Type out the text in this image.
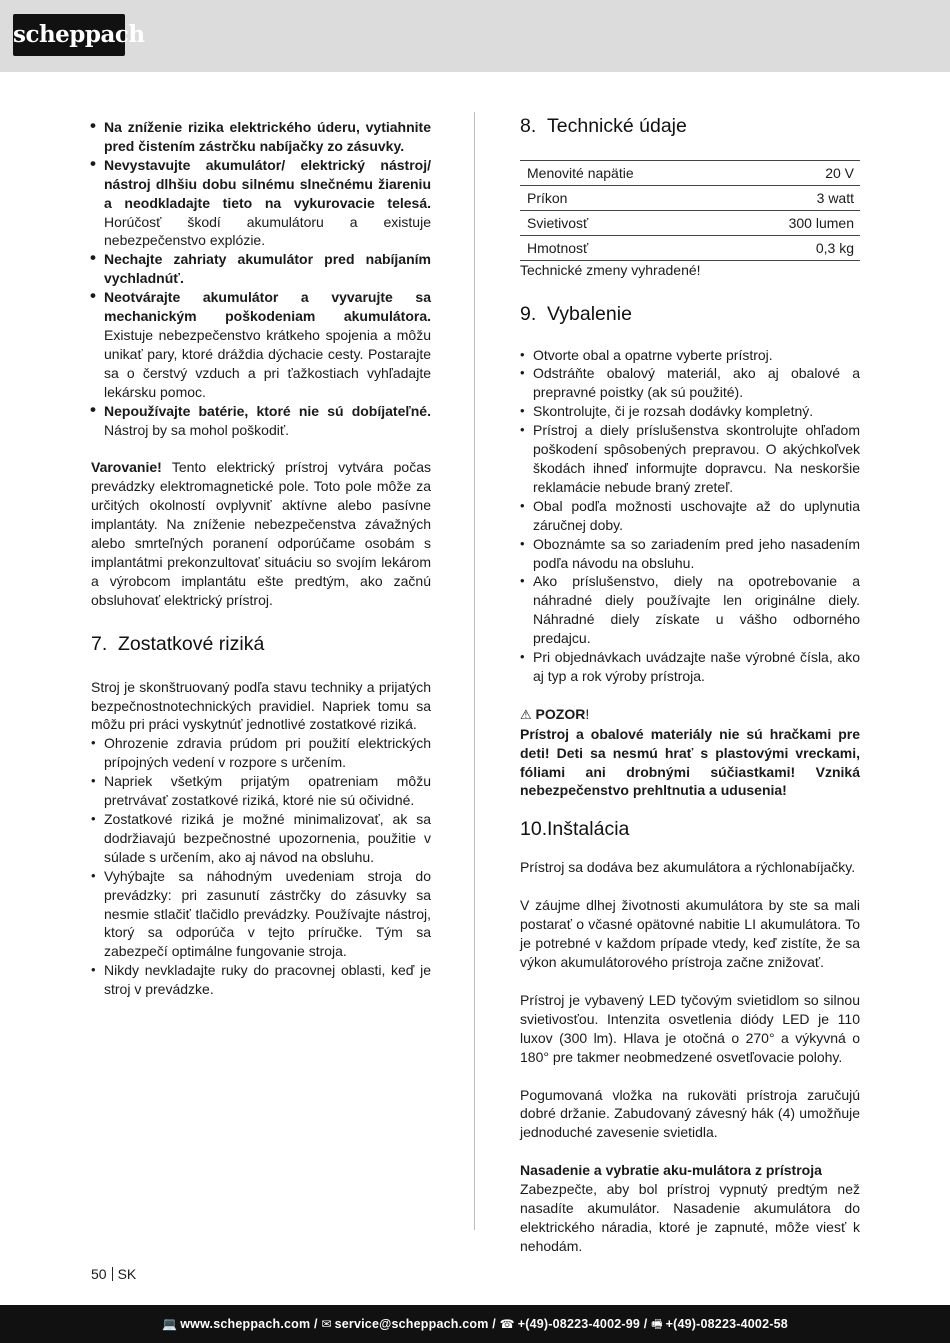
scheppach
• Na zníženie rizika elektrického úderu, vytiahnite pred čistením zástrčku nabíjačky zo zásuvky.
• Nevystavujte akumulátor/ elektrický nástroj/ nástroj dlhšiu dobu silnému slnečnému žiareniu a neodkladajte tieto na vykurovacie telesá. Horúčosť škodí akumulátoru a existuje nebezpečenstvo explózie.
• Nechajte zahriaty akumulátor pred nabíjaním vychladnúť.
• Neotvárajte akumulátor a vyvarujte sa mechanickým poškodeniam akumulátora. Existuje nebezpečenstvo krátkeho spojenia a môžu unikať pary, ktoré dráždia dýchacie cesty. Postarajte sa o čerstvý vzduch a pri ťažkostiach vyhľadajte lekársku pomoc.
• Nepoužívajte batérie, ktoré nie sú dobíjateľné. Nástroj by sa mohol poškodiť.

Varovanie! Tento elektrický prístroj vytvára počas prevádzky elektromagnetické pole. Toto pole môže za určitých okolností ovplyvniť aktívne alebo pasívne implantáty. Na zníženie nebezpečenstva závažných alebo smrteľných poranení odporúčame osobám s implantátmi prekonzultovať situáciu so svojím lekárom a výrobcom implantátu ešte predtým, ako začnú obsluhovať elektrický prístroj.

7. Zostatkové riziká

Stroj je skonštruovaný podľa stavu techniky a prijatých bezpečnostnotechnických pravidiel. Napriek tomu sa môžu pri práci vyskytnúť jednotlivé zostatkové riziká.

• Ohrozenie zdravia prúdom pri použití elektrických prípojných vedení v rozpore s určením.
• Napriek všetkým prijatým opatreniam môžu pretrvávať zostatkové riziká, ktoré nie sú očividné.
• Zostatkové riziká je možné minimalizovať, ak sa dodržiavajú bezpečnostné upozornenia, použitie v súlade s určením, ako aj návod na obsluhu.
• Vyhýbajte sa náhodným uvedeniam stroja do prevádzky: pri zasunutí zástrčky do zásuvky sa nesmie stlačiť tlačidlo prevádzky. Používajte nástroj, ktorý sa odporúča v tejto príručke. Tým sa zabezpečí optimálne fungovanie stroja.
• Nikdy nevkladajte ruky do pracovnej oblasti, keď je stroj v prevádzke.
8. Technické údaje
Menovité napätie	20 V
Príkon	3 watt
Svietivosť	300 lumen
Hmotnosť	0,3 kg

Technické zmeny vyhradené!

9. Vybalenie
• Otvorte obal a opatrne vyberte prístroj.
• Odstráňte obalový materiál, ako aj obalové a prepravné poistky (ak sú použité).
• Skontrolujte, či je rozsah dodávky kompletný.
• Prístroj a diely príslušenstva skontrolujte ohľadom poškodení spôsobených prepravou. O akýchkoľvek škodách ihneď informujte dopravcu. Na neskoršie reklamácie nebude braný zreteľ.
• Obal podľa možnosti uschovajte až do uplynutia záručnej doby.
• Oboznámte sa so zariadením pred jeho nasadením podľa návodu na obsluhu.
• Ako príslušenstvo, diely na opotrebovanie a náhradné diely používajte len originálne diely. Náhradné diely získate u vášho odborného predajcu.
• Pri objednávkach uvádzajte naše výrobné čísla, ako aj typ a rok výroby prístroja.

⚠ POZOR!

Prístroj a obalové materiály nie sú hračkami pre deti! Deti sa nesmú hrať s plastovými vreckami, fóliami ani drobnými súčiastkami! Vzniká nebezpečenstvo prehltnutia a udusenia!

10.Inštalácia

Prístroj sa dodáva bez akumulátora a rýchlonabíjačky.

V záujme dlhej životnosti akumulátora by ste sa mali postarať o včasné opätovné nabitie LI akumulátora. To je potrebné v každom prípade vtedy, keď zistíte, že sa výkon akumulátorového prístroja začne znižovať.

Prístroj je vybavený LED tyčovým svietidlom so silnou svietivosťou. Intenzita osvetlenia diódy LED je 110 luxov (300 lm). Hlava je otočná o 270° a výkyvná o 180° pre takmer neobmedzené osvetľovacie polohy.

Pogumovaná vložka na rukoväti prístroja zaručujú dobré držanie. Zabudovaný závesný hák (4) umožňuje jednoduché zavesenie svietidla.

Nasadenie a vybratie aku-mulátora z prístroja

Zabezpečte, aby bol prístroj vypnutý predtým než nasadíte akumulátor. Nasadenie akumulátora do elektrického náradia, ktoré je zapnuté, môže viesť k nehodám.

50 SK
💻 www.scheppach.com / ✉ service@scheppach.com / ☎ +(49)-08223-4002-99 / 🖷 +(49)-08223-4002-58
